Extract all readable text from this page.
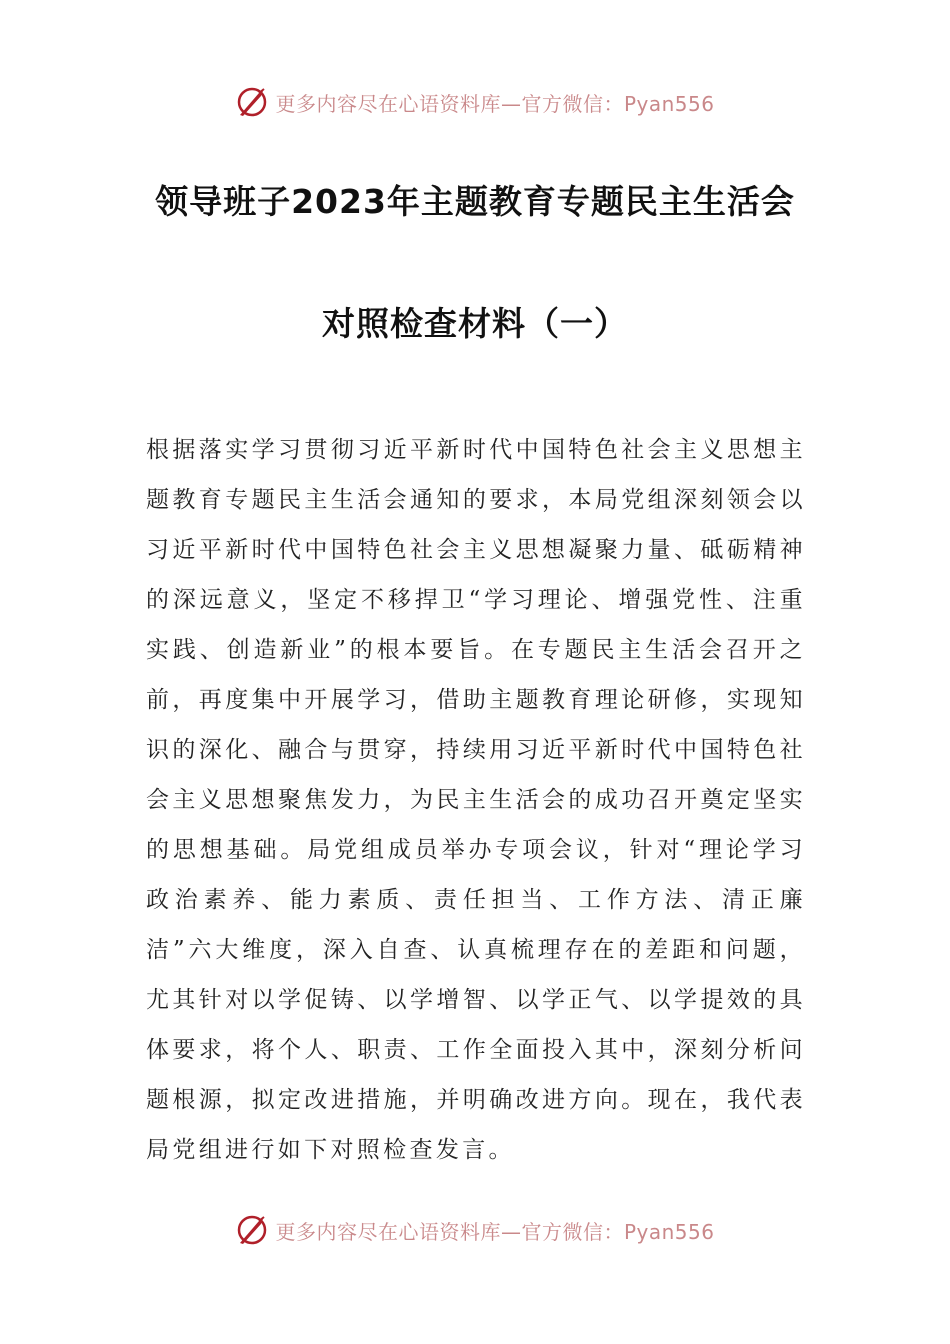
更多内容尽在心语资料库—官方微信：Pyan556
领导班子2023年主题教育专题民主生活会
对照检查材料（一）

根据落实学习贯彻习近平新时代中国特色社会主义思想主题教育专题民主生活会通知的要求，本局党组深刻领会以习近平新时代中国特色社会主义思想凝聚力量、砥砺精神的深远意义，坚定不移捍卫“学习理论、增强党性、注重实践、创造新业”的根本要旨。在专题民主生活会召开之前，再度集中开展学习，借助主题教育理论研修，实现知识的深化、融合与贯穿，持续用习近平新时代中国特色社会主义思想聚焦发力，为民主生活会的成功召开奠定坚实的思想基础。局党组成员举办专项会议，针对“理论学习政治素养、能力素质、责任担当、工作方法、清正廉洁”六大维度，深入自查、认真梳理存在的差距和问题，尤其针对以学促铸、以学增智、以学正气、以学提效的具体要求，将个人、职责、工作全面投入其中，深刻分析问题根源，拟定改进措施，并明确改进方向。现在，我代表局党组进行如下对照检查发言。

更多内容尽在心语资料库—官方微信：Pyan556
